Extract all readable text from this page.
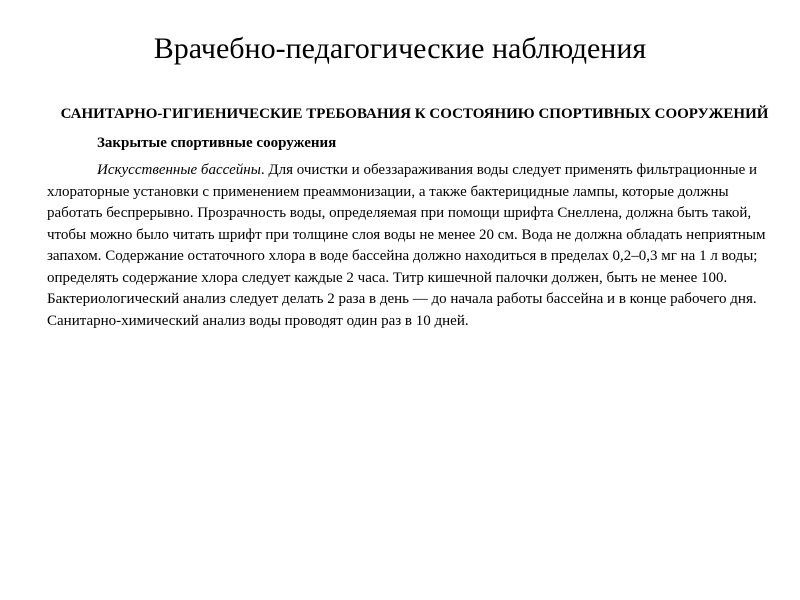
Врачебно-педагогические наблюдения

САНИТАРНО-ГИГИЕНИЧЕСКИЕ ТРЕБОВАНИЯ К СОСТОЯНИЮ СПОРТИВНЫХ СООРУЖЕНИЙ

Закрытые спортивные сооружения

Искусственные бассейны. Для очистки и обеззараживания воды следует применять фильтрационные и хлораторные установки с применением преаммонизации, а также бактерицидные лампы, которые должны работать беспрерывно. Прозрачность воды, определяемая при помощи шрифта Снеллена, должна быть такой, чтобы можно было читать шрифт при толщине слоя воды не менее 20 см. Вода не должна обладать неприятным запахом. Содержание остаточного хлора в воде бассейна должно находиться в пределах 0,2–0,3 мг на 1 л воды; определять содержание хлора следует каждые 2 часа. Титр кишечной палочки должен, быть не менее 100. Бактериологический анализ следует делать 2 раза в день — до начала работы бассейна и в конце рабочего дня. Санитарно-химический анализ воды проводят один раз в 10 дней.
